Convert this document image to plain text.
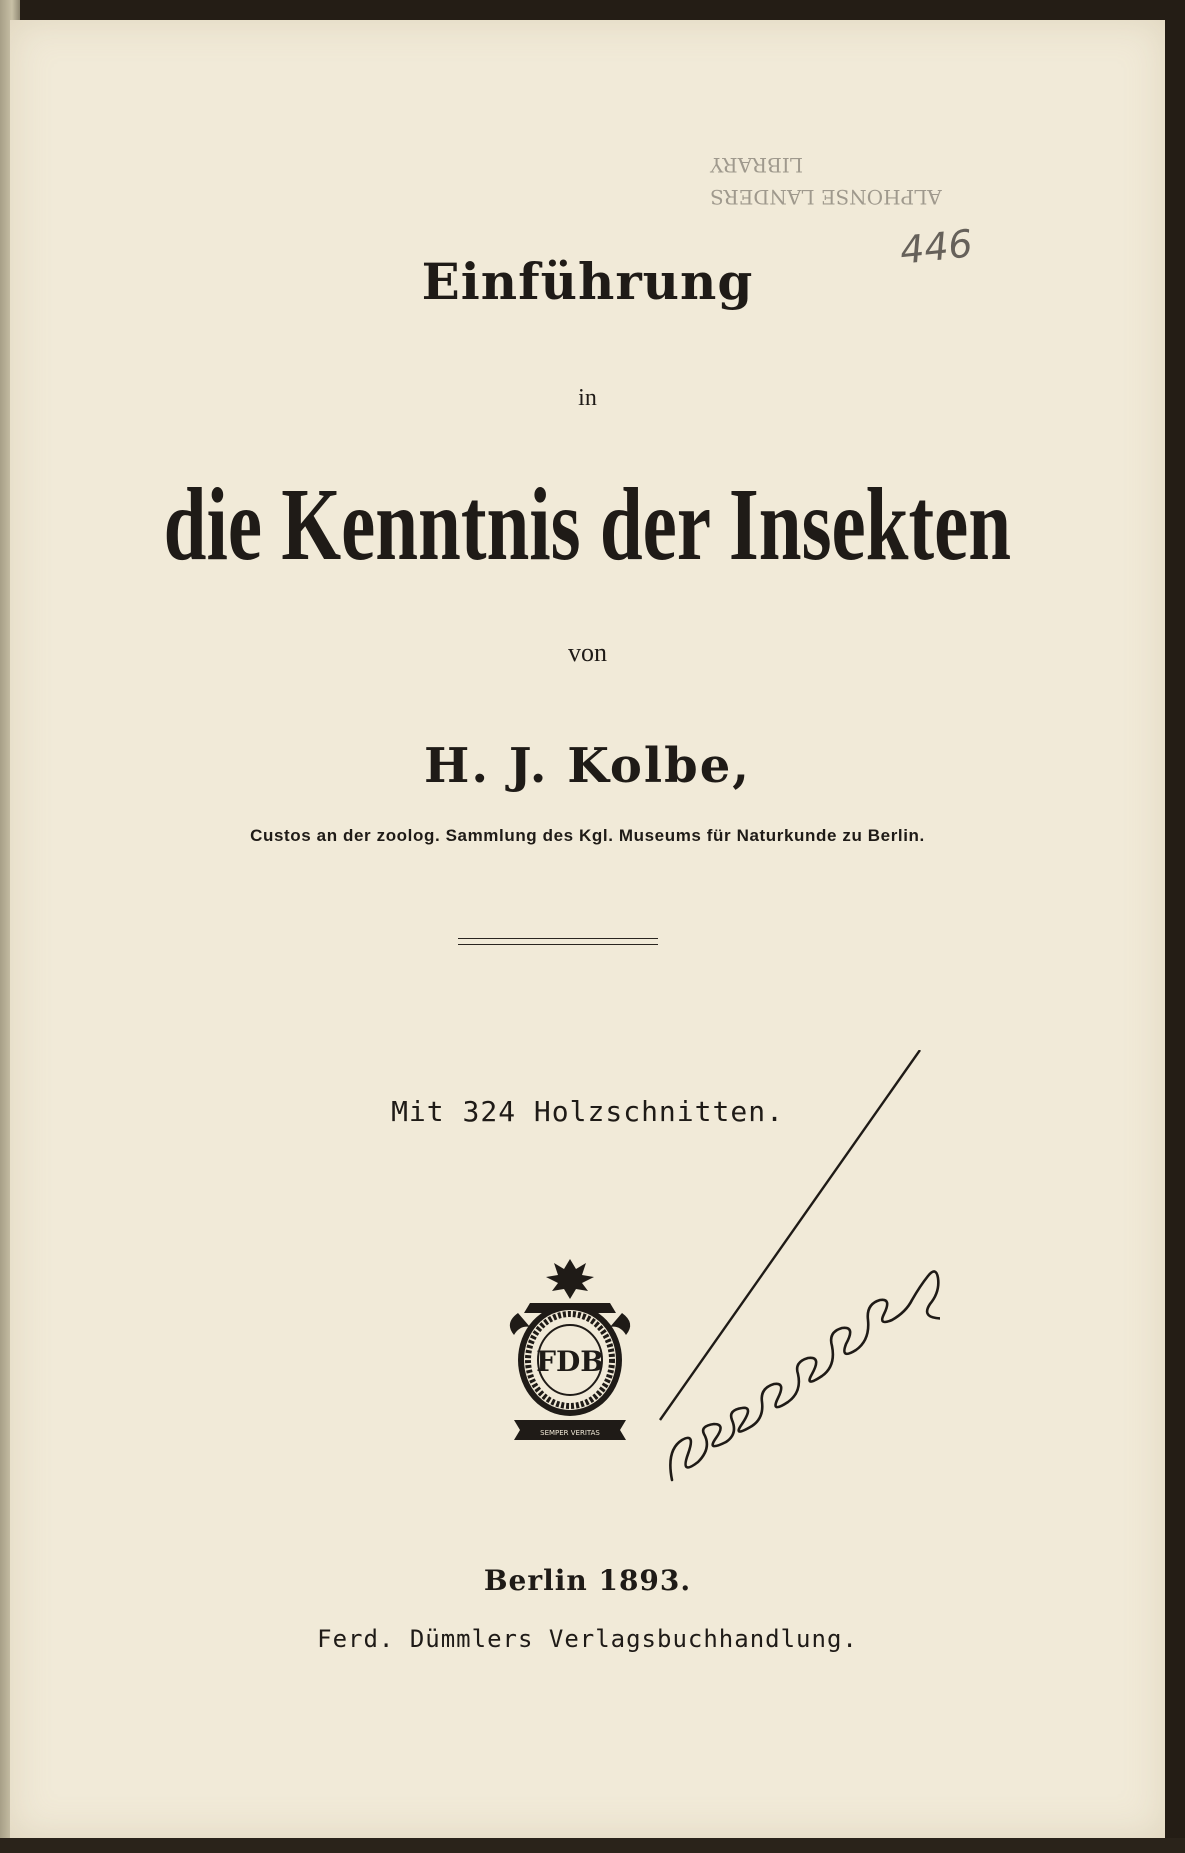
LIBRARY
ALPHONSE LANDERS
446
Einführung
in
die Kenntnis der Insekten
von
H. J. Kolbe,
Custos an der zoolog. Sammlung des Kgl. Museums für Naturkunde zu Berlin.
Mit 324 Holzschnitten.
FDB
SEMPER VERITAS
Berlin 1893.
Ferd. Dümmlers Verlagsbuchhandlung.
